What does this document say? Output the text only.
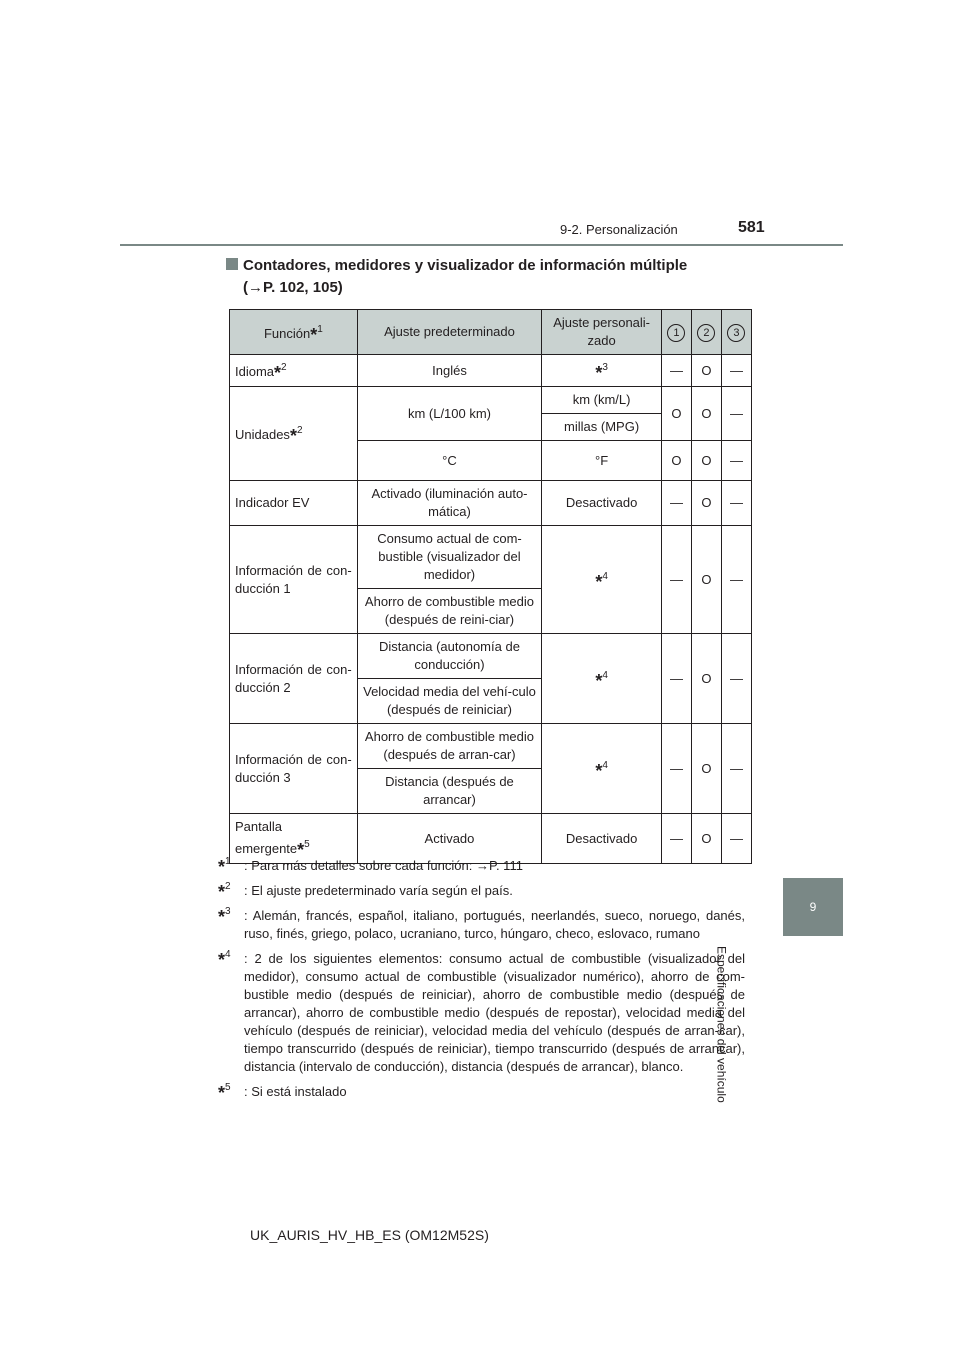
9-2. Personalización	581
9
Especificaciones del vehículo
Contadores, medidores y visualizador de información múltiple
(→P. 102, 105)
Función*$^1$	Ajuste predeterminado	Ajuste personali-zado	1	2	3
Idioma*$^2$	Inglés	*$^3$	—	O	—
Unidades*$^2$	km (L/100 km)	km (km/L)	O	O	—
		millas (MPG)			
	°C	°F	O	O	—
Indicador EV	Activado (iluminación auto-mática)	Desactivado	—	O	—
Información de con-ducción 1	Consumo actual de com-bustible (visualizador del medidor)	*$^4$	—	O	—
	Ahorro de combustible medio (después de reini-ciar)				
Información de con-ducción 2	Distancia (autonomía de conducción)	*$^4$	—	O	—
	Velocidad media del vehí-culo (después de reiniciar)				
Información de con-ducción 3	Ahorro de combustible medio (después de arran-car)	*$^4$	—	O	—
	Distancia (después de arrancar)				
Pantalla emergente*$^5$	Activado	Desactivado	—	O	—
*$^1$ : Para más detalles sobre cada función: →P. 111
*$^2$ : El ajuste predeterminado varía según el país.
*$^3$ : Alemán, francés, español, italiano, portugués, neerlandés, sueco, noruego, danés, ruso, finés, griego, polaco, ucraniano, turco, húngaro, checo, eslovaco, rumano
*$^4$ : 2 de los siguientes elementos: consumo actual de combustible (visualizador del medidor), consumo actual de combustible (visualizador numérico), ahorro de com-bustible medio (después de reiniciar), ahorro de combustible medio (después de arrancar), ahorro de combustible medio (después de repostar), velocidad media del vehículo (después de reiniciar), velocidad media del vehículo (después de arran-car), tiempo transcurrido (después de reiniciar), tiempo transcurrido (después de arrancar), distancia (intervalo de conducción), distancia (después de arrancar), blanco.
*$^5$ : Si está instalado
UK_AURIS_HV_HB_ES (OM12M52S)
